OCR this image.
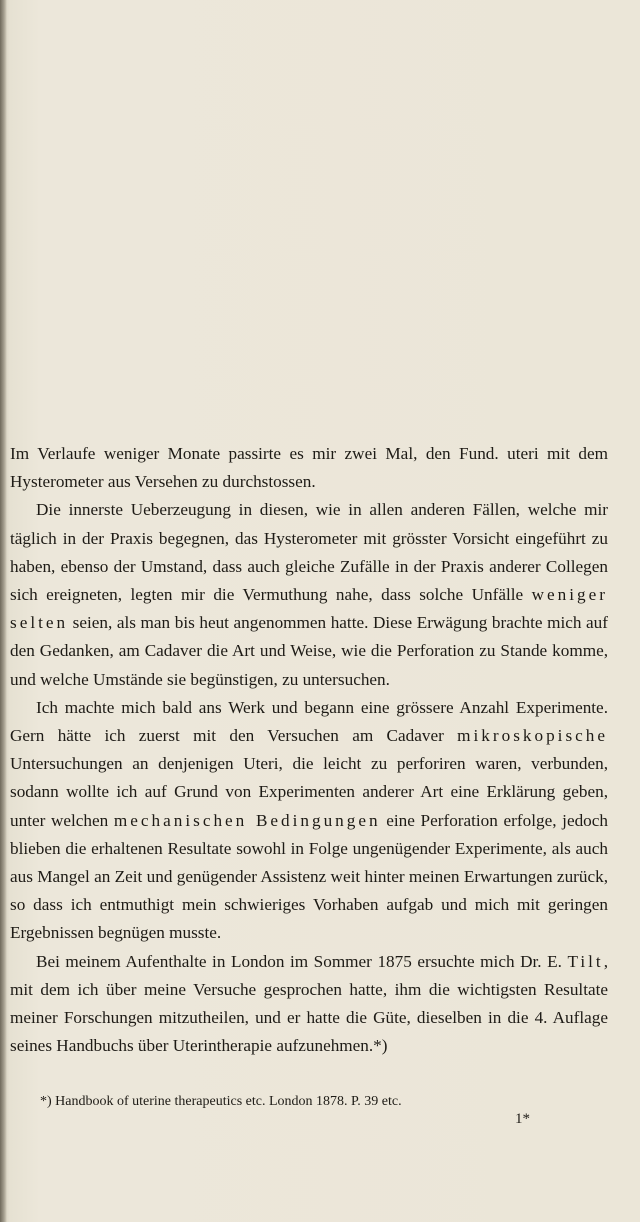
Im Verlaufe weniger Monate passirte es mir zwei Mal, den Fund. uteri mit dem Hysterometer aus Versehen zu durchstossen.

Die innerste Ueberzeugung in diesen, wie in allen anderen Fällen, welche mir täglich in der Praxis begegnen, das Hysterometer mit grösster Vorsicht eingeführt zu haben, ebenso der Umstand, dass auch gleiche Zufälle in der Praxis anderer Collegen sich ereigneten, legten mir die Vermuthung nahe, dass solche Unfälle weniger selten seien, als man bis heut angenommen hatte. Diese Erwägung brachte mich auf den Gedanken, am Cadaver die Art und Weise, wie die Perforation zu Stande komme, und welche Umstände sie begünstigen, zu untersuchen.

Ich machte mich bald ans Werk und begann eine grössere Anzahl Experimente. Gern hätte ich zuerst mit den Versuchen am Cadaver mikroskopische Untersuchungen an denjenigen Uteri, die leicht zu perforiren waren, verbunden, sodann wollte ich auf Grund von Experimenten anderer Art eine Erklärung geben, unter welchen mechanischen Bedingungen eine Perforation erfolge, jedoch blieben die erhaltenen Resultate sowohl in Folge ungenügender Experimente, als auch aus Mangel an Zeit und genügender Assistenz weit hinter meinen Erwartungen zurück, so dass ich entmuthigt mein schwieriges Vorhaben aufgab und mich mit geringen Ergebnissen begnügen musste.

Bei meinem Aufenthalte in London im Sommer 1875 ersuchte mich Dr. E. Tilt, mit dem ich über meine Versuche gesprochen hatte, ihm die wichtigsten Resultate meiner Forschungen mitzutheilen, und er hatte die Güte, dieselben in die 4. Auflage seines Handbuchs über Uterintherapie aufzunehmen.*)

*) Handbook of uterine therapeutics etc. London 1878. P. 39 etc.
1*
